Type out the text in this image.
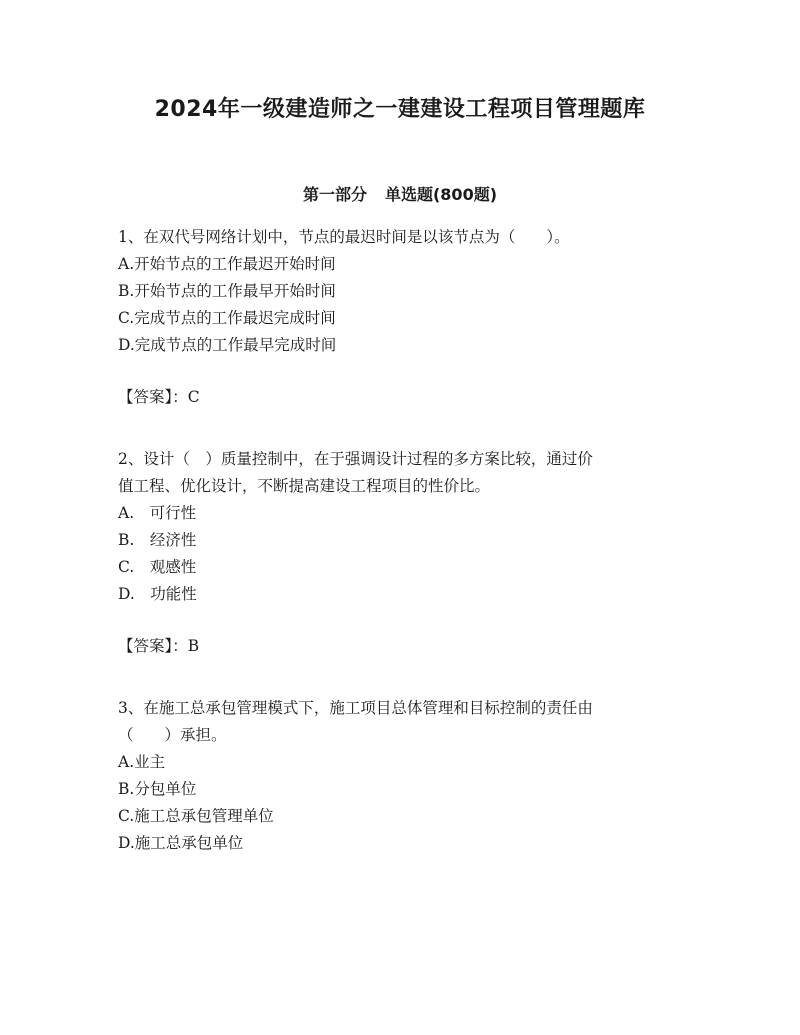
2024年一级建造师之一建建设工程项目管理题库
第一部分 单选题(800题)
1、在双代号网络计划中，节点的最迟时间是以该节点为（　　）。
A.开始节点的工作最迟开始时间
B.开始节点的工作最早开始时间
C.完成节点的工作最迟完成时间
D.完成节点的工作最早完成时间
【答案】：C
2、设计（　）质量控制中，在于强调设计过程的多方案比较，通过价
值工程、优化设计，不断提高建设工程项目的性价比。
A.　可行性
B.　经济性
C.　观感性
D.　功能性
【答案】：B
3、在施工总承包管理模式下，施工项目总体管理和目标控制的责任由
（　　）承担。
A.业主
B.分包单位
C.施工总承包管理单位
D.施工总承包单位
